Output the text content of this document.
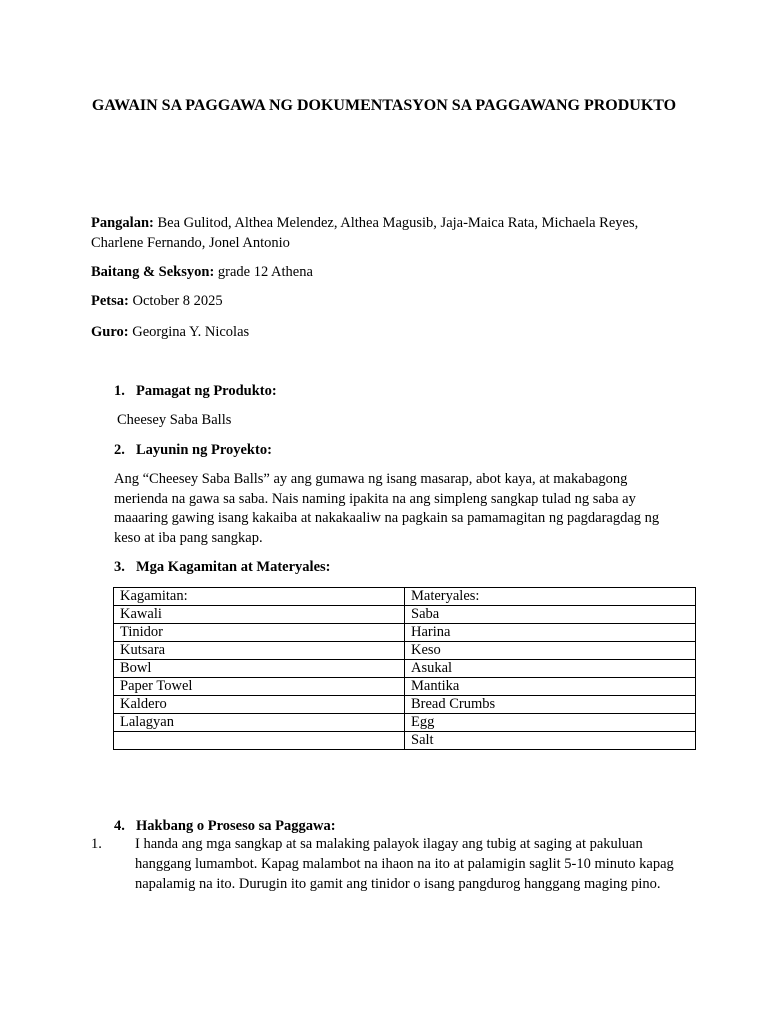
GAWAIN SA PAGGAWA NG DOKUMENTASYON SA PAGGAWANG PRODUKTO
Pangalan: Bea Gulitod, Althea Melendez, Althea Magusib, Jaja-Maica Rata, Michaela Reyes, Charlene Fernando, Jonel Antonio
Baitang & Seksyon: grade 12 Athena
Petsa: October 8 2025
Guro: Georgina Y. Nicolas
1. Pamagat ng Produkto:
Cheesey Saba Balls
2. Layunin ng Proyekto:
Ang “Cheesey Saba Balls” ay ang gumawa ng isang masarap, abot kaya, at makabagong merienda na gawa sa saba. Nais naming ipakita na ang simpleng sangkap tulad ng saba ay maaaring gawing isang kakaiba at nakakaaliw na pagkain sa pamamagitan ng pagdaragdag ng keso at iba pang sangkap.
3. Mga Kagamitan at Materyales:
Kagamitan:	Materyales:
Kawali	Saba
Tinidor	Harina
Kutsara	Keso
Bowl	Asukal
Paper Towel	Mantika
Kaldero	Bread Crumbs
Lalagyan	Egg
	Salt
4. Hakbang o Proseso sa Paggawa:
1. I handa ang mga sangkap at sa malaking palayok ilagay ang tubig at saging at pakuluan hanggang lumambot. Kapag malambot na ihaon na ito at palamigin saglit 5-10 minuto kapag napalamig na ito. Durugin ito gamit ang tinidor o isang pangdurog hanggang maging pino.
